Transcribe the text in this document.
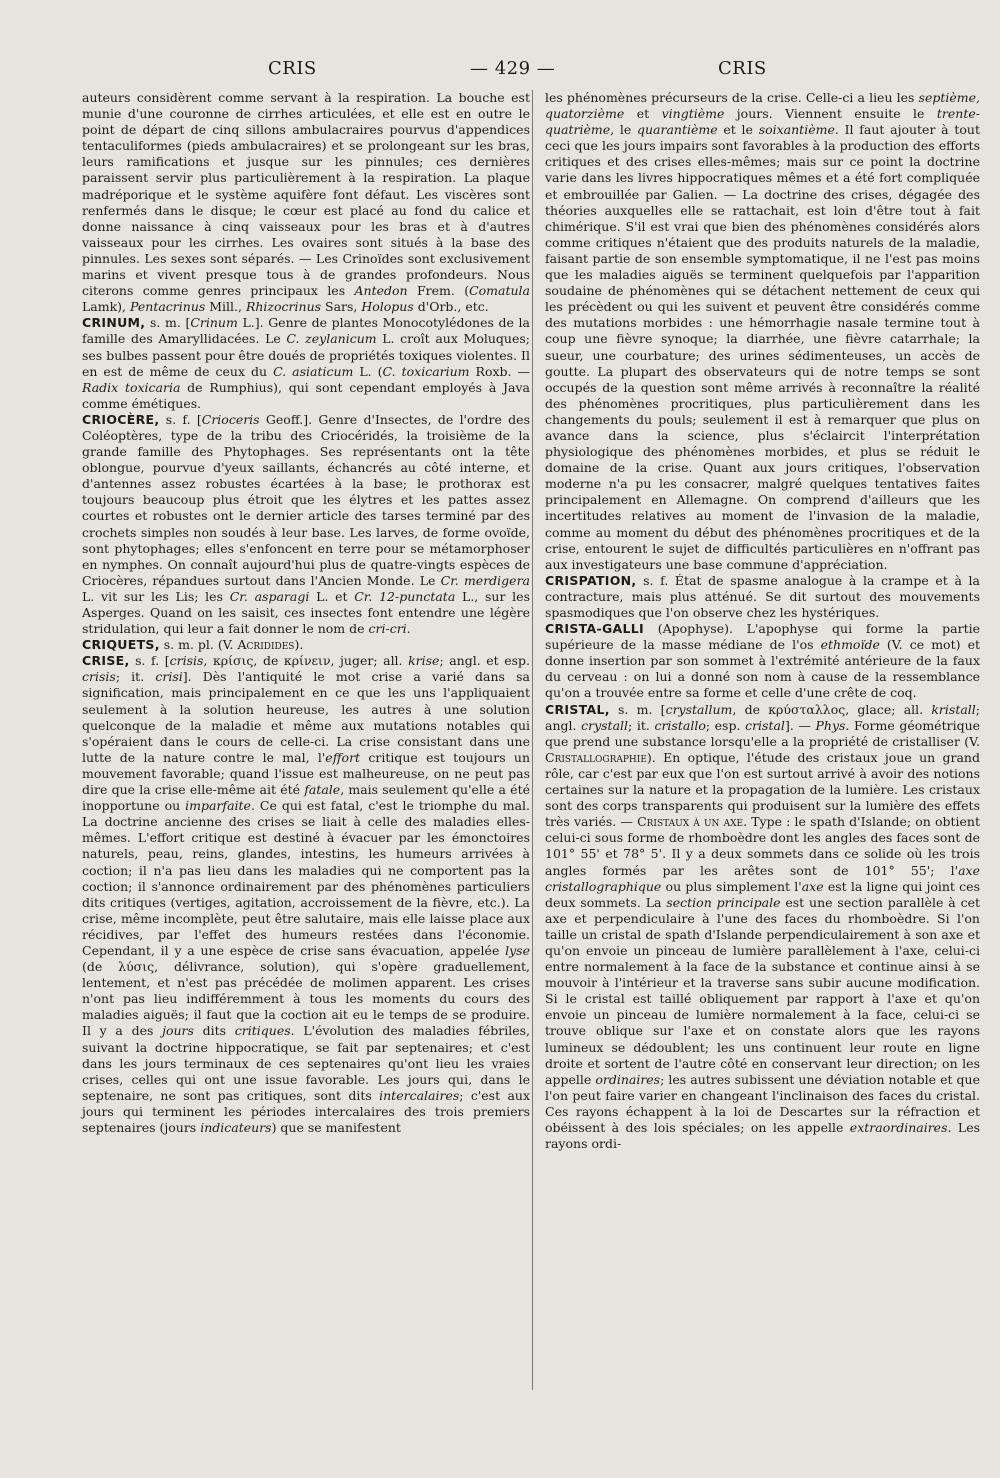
CRIS	— 429 —	CRIS

auteurs considèrent comme servant à la respiration. La bouche est munie d'une couronne de cirrhes articulées, et elle est en outre le point de départ de cinq sillons ambulacraires pourvus d'appendices tentaculiformes (pieds ambulacraires) et se prolongeant sur les bras, leurs ramifications et jusque sur les pinnules; ces dernières paraissent servir plus particulièrement à la respiration. La plaque madréporique et le système aquifère font défaut. Les viscères sont renfermés dans le disque; le cœur est placé au fond du calice et donne naissance à cinq vaisseaux pour les bras et à d'autres vaisseaux pour les cirrhes. Les ovaires sont situés à la base des pinnules. Les sexes sont séparés. — Les Crinoïdes sont exclusivement marins et vivent presque tous à de grandes profondeurs. Nous citerons comme genres principaux les Antedon Frem. (Comatula Lamk), Pentacrinus Mill., Rhizocrinus Sars, Holopus d'Orb., etc.

CRINUM, s. m. [Crinum L.]. Genre de plantes Monocotylédones de la famille des Amaryllidacées. Le C. zeylanicum L. croît aux Moluques; ses bulbes passent pour être doués de propriétés toxiques violentes. Il en est de même de ceux du C. asiaticum L. (C. toxicarium Roxb. — Radix toxicaria de Rumphius), qui sont cependant employés à Java comme émétiques.

CRIOCÈRE, s. f. [Crioceris Geoff.]. Genre d'Insectes, de l'ordre des Coléoptères, type de la tribu des Criocéridés, la troisième de la grande famille des Phytophages. Ses représentants ont la tête oblongue, pourvue d'yeux saillants, échancrés au côté interne, et d'antennes assez robustes écartées à la base; le prothorax est toujours beaucoup plus étroit que les élytres et les pattes assez courtes et robustes ont le dernier article des tarses terminé par des crochets simples non soudés à leur base. Les larves, de forme ovoïde, sont phytophages; elles s'enfoncent en terre pour se métamorphoser en nymphes. On connaît aujourd'hui plus de quatre-vingts espèces de Criocères, répandues surtout dans l'Ancien Monde. Le Cr. merdigera L. vit sur les Lis; les Cr. asparagi L. et Cr. 12-punctata L., sur les Asperges. Quand on les saisit, ces insectes font entendre une légère stridulation, qui leur a fait donner le nom de cri-cri.

CRIQUETS, s. m. pl. (V. Acridides).

CRISE, s. f. [crisis, κρίσις, de κρίνειν, juger; all. krise; angl. et esp. crisis; it. crisi]. Dès l'antiquité le mot crise a varié dans sa signification, mais principalement en ce que les uns l'appliquaient seulement à la solution heureuse, les autres à une solution quelconque de la maladie et même aux mutations notables qui s'opéraient dans le cours de celle-ci. La crise consistant dans une lutte de la nature contre le mal, l'effort critique est toujours un mouvement favorable; quand l'issue est malheureuse, on ne peut pas dire que la crise elle-même ait été fatale, mais seulement qu'elle a été inopportune ou imparfaite. Ce qui est fatal, c'est le triomphe du mal. La doctrine ancienne des crises se liait à celle des maladies elles-mêmes. L'effort critique est destiné à évacuer par les émonctoires naturels, peau, reins, glandes, intestins, les humeurs arrivées à coction; il n'a pas lieu dans les maladies qui ne comportent pas la coction; il s'annonce ordinairement par des phénomènes particuliers dits critiques (vertiges, agitation, accroissement de la fièvre, etc.). La crise, même incomplète, peut être salutaire, mais elle laisse place aux récidives, par l'effet des humeurs restées dans l'économie. Cependant, il y a une espèce de crise sans évacuation, appelée lyse (de λύσις, délivrance, solution), qui s'opère graduellement, lentement, et n'est pas précédée de molimen apparent. Les crises n'ont pas lieu indifféremment à tous les moments du cours des maladies aiguës; il faut que la coction ait eu le temps de se produire. Il y a des jours dits critiques. L'évolution des maladies fébriles, suivant la doctrine hippocratique, se fait par septenaires; et c'est dans les jours terminaux de ces septenaires qu'ont lieu les vraies crises, celles qui ont une issue favorable. Les jours qui, dans le septenaire, ne sont pas critiques, sont dits intercalaires; c'est aux jours qui terminent les périodes intercalaires des trois premiers septenaires (jours indicateurs) que se manifestent

les phénomènes précurseurs de la crise. Celle-ci a lieu les septième, quatorzième et vingtième jours. Viennent ensuite le trente-quatrième, le quarantième et le soixantième. Il faut ajouter à tout ceci que les jours impairs sont favorables à la production des efforts critiques et des crises elles-mêmes; mais sur ce point la doctrine varie dans les livres hippocratiques mêmes et a été fort compliquée et embrouillée par Galien. — La doctrine des crises, dégagée des théories auxquelles elle se rattachait, est loin d'être tout à fait chimérique. S'il est vrai que bien des phénomènes considérés alors comme critiques n'étaient que des produits naturels de la maladie, faisant partie de son ensemble symptomatique, il ne l'est pas moins que les maladies aiguës se terminent quelquefois par l'apparition soudaine de phénomènes qui se détachent nettement de ceux qui les précèdent ou qui les suivent et peuvent être considérés comme des mutations morbides : une hémorrhagie nasale termine tout à coup une fièvre synoque; la diarrhée, une fièvre catarrhale; la sueur, une courbature; des urines sédimenteuses, un accès de goutte. La plupart des observateurs qui de notre temps se sont occupés de la question sont même arrivés à reconnaître la réalité des phénomènes procritiques, plus particulièrement dans les changements du pouls; seulement il est à remarquer que plus on avance dans la science, plus s'éclaircit l'interprétation physiologique des phénomènes morbides, et plus se réduit le domaine de la crise. Quant aux jours critiques, l'observation moderne n'a pu les consacrer, malgré quelques tentatives faites principalement en Allemagne. On comprend d'ailleurs que les incertitudes relatives au moment de l'invasion de la maladie, comme au moment du début des phénomènes procritiques et de la crise, entourent le sujet de difficultés particulières en n'offrant pas aux investigateurs une base commune d'appréciation.

CRISPATION, s. f. État de spasme analogue à la crampe et à la contracture, mais plus atténué. Se dit surtout des mouvements spasmodiques que l'on observe chez les hystériques.

CRISTA-GALLI (Apophyse). L'apophyse qui forme la partie supérieure de la masse médiane de l'os ethmoïde (V. ce mot) et donne insertion par son sommet à l'extrémité antérieure de la faux du cerveau : on lui a donné son nom à cause de la ressemblance qu'on a trouvée entre sa forme et celle d'une crête de coq.

CRISTAL, s. m. [crystallum, de κρύσταλλος, glace; all. kristall; angl. crystall; it. cristallo; esp. cristal]. — Phys. Forme géométrique que prend une substance lorsqu'elle a la propriété de cristalliser (V. Cristallographie). En optique, l'étude des cristaux joue un grand rôle, car c'est par eux que l'on est surtout arrivé à avoir des notions certaines sur la nature et la propagation de la lumière. Les cristaux sont des corps transparents qui produisent sur la lumière des effets très variés. — Cristaux à un axe. Type : le spath d'Islande; on obtient celui-ci sous forme de rhomboèdre dont les angles des faces sont de 101° 55' et 78° 5'. Il y a deux sommets dans ce solide où les trois angles formés par les arêtes sont de 101° 55'; l'axe cristallographique ou plus simplement l'axe est la ligne qui joint ces deux sommets. La section principale est une section parallèle à cet axe et perpendiculaire à l'une des faces du rhomboèdre. Si l'on taille un cristal de spath d'Islande perpendiculairement à son axe et qu'on envoie un pinceau de lumière parallèlement à l'axe, celui-ci entre normalement à la face de la substance et continue ainsi à se mouvoir à l'intérieur et la traverse sans subir aucune modification. Si le cristal est taillé obliquement par rapport à l'axe et qu'on envoie un pinceau de lumière normalement à la face, celui-ci se trouve oblique sur l'axe et on constate alors que les rayons lumineux se dédoublent; les uns continuent leur route en ligne droite et sortent de l'autre côté en conservant leur direction; on les appelle ordinaires; les autres subissent une déviation notable et que l'on peut faire varier en changeant l'inclinaison des faces du cristal. Ces rayons échappent à la loi de Descartes sur la réfraction et obéissent à des lois spéciales; on les appelle extraordinaires. Les rayons ordi-
